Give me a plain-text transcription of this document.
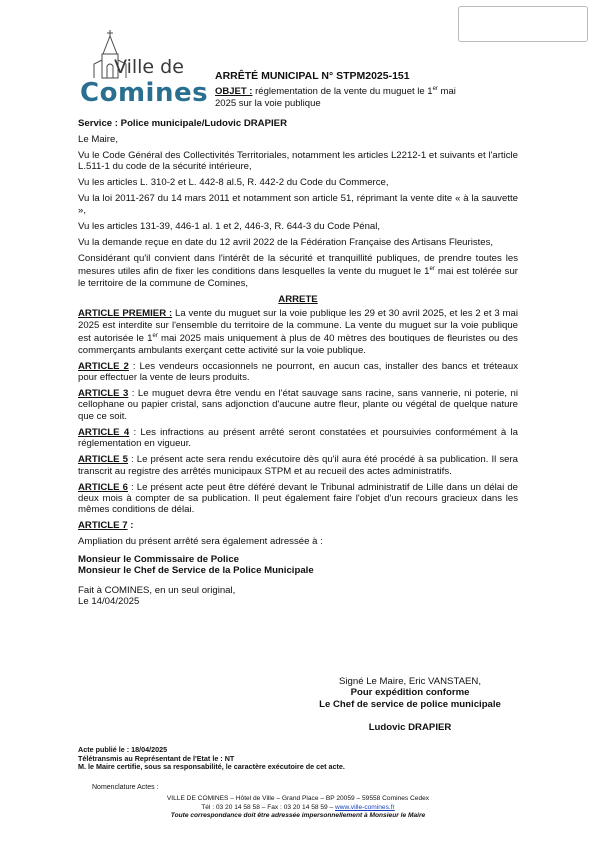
Ville de
Comines
ARRÊTÉ MUNICIPAL N° STPM2025-151
OBJET : réglementation de la vente du muguet le 1er mai
2025 sur la voie publique

Service : Police municipale/Ludovic DRAPIER

Le Maire,

Vu le Code Général des Collectivités Territoriales, notamment les articles L2212-1 et suivants et l'article L.511-1 du code de la sécurité intérieure,

Vu les articles L. 310-2 et L. 442-8 al.5, R. 442-2 du Code du Commerce,

Vu la loi 2011-267 du 14 mars 2011 et notamment son article 51, réprimant la vente dite « à la sauvette »,

Vu les articles 131-39, 446-1 al. 1 et 2, 446-3, R. 644-3 du Code Pénal,

Vu la demande reçue en date du 12 avril 2022 de la Fédération Française des Artisans Fleuristes,

Considérant qu'il convient dans l'intérêt de la sécurité et tranquillité publiques, de prendre toutes les mesures utiles afin de fixer les conditions dans lesquelles la vente du muguet le 1er mai est tolérée sur le territoire de la commune de Comines,

ARRETE

ARTICLE PREMIER : La vente du muguet sur la voie publique les 29 et 30 avril 2025, et les 2 et 3 mai 2025 est interdite sur l'ensemble du territoire de la commune. La vente du muguet sur la voie publique est autorisée le 1er mai 2025 mais uniquement à plus de 40 mètres des boutiques de fleuristes ou des commerçants ambulants exerçant cette activité sur la voie publique.

ARTICLE 2 : Les vendeurs occasionnels ne pourront, en aucun cas, installer des bancs et tréteaux pour effectuer la vente de leurs produits.

ARTICLE 3 : Le muguet devra être vendu en l'état sauvage sans racine, sans vannerie, ni poterie, ni cellophane ou papier cristal, sans adjonction d'aucune autre fleur, plante ou végétal de quelque nature que ce soit.

ARTICLE 4 : Les infractions au présent arrêté seront constatées et poursuivies conformément à la réglementation en vigueur.

ARTICLE 5 : Le présent acte sera rendu exécutoire dès qu'il aura été procédé à sa publication. Il sera transcrit au registre des arrêtés municipaux STPM et au recueil des actes administratifs.

ARTICLE 6 : Le présent acte peut être déféré devant le Tribunal administratif de Lille dans un délai de deux mois à compter de sa publication. Il peut également faire l'objet d'un recours gracieux dans les mêmes conditions de délai.

ARTICLE 7 :

Ampliation du présent arrêté sera également adressée à :

Monsieur le Commissaire de Police

Monsieur le Chef de Service de la Police Municipale

Fait à COMINES, en un seul original,

Le 14/04/2025

Signé Le Maire, Eric VANSTAEN,
Pour expédition conforme
Le Chef de service de police municipale
Ludovic DRAPIER
Acte publié le : 18/04/2025
Télétransmis au Représentant de l'Etat le : NT
M. le Maire certifie, sous sa responsabilité, le caractère exécutoire de cet acte.
Nomenclature Actes :
VILLE DE COMINES – Hôtel de Ville – Grand Place – BP 20059 – 59558 Comines Cedex
Tél : 03 20 14 58 58 – Fax : 03 20 14 58 59 – www.ville-comines.fr
Toute correspondance doit être adressée impersonnellement à Monsieur le Maire
